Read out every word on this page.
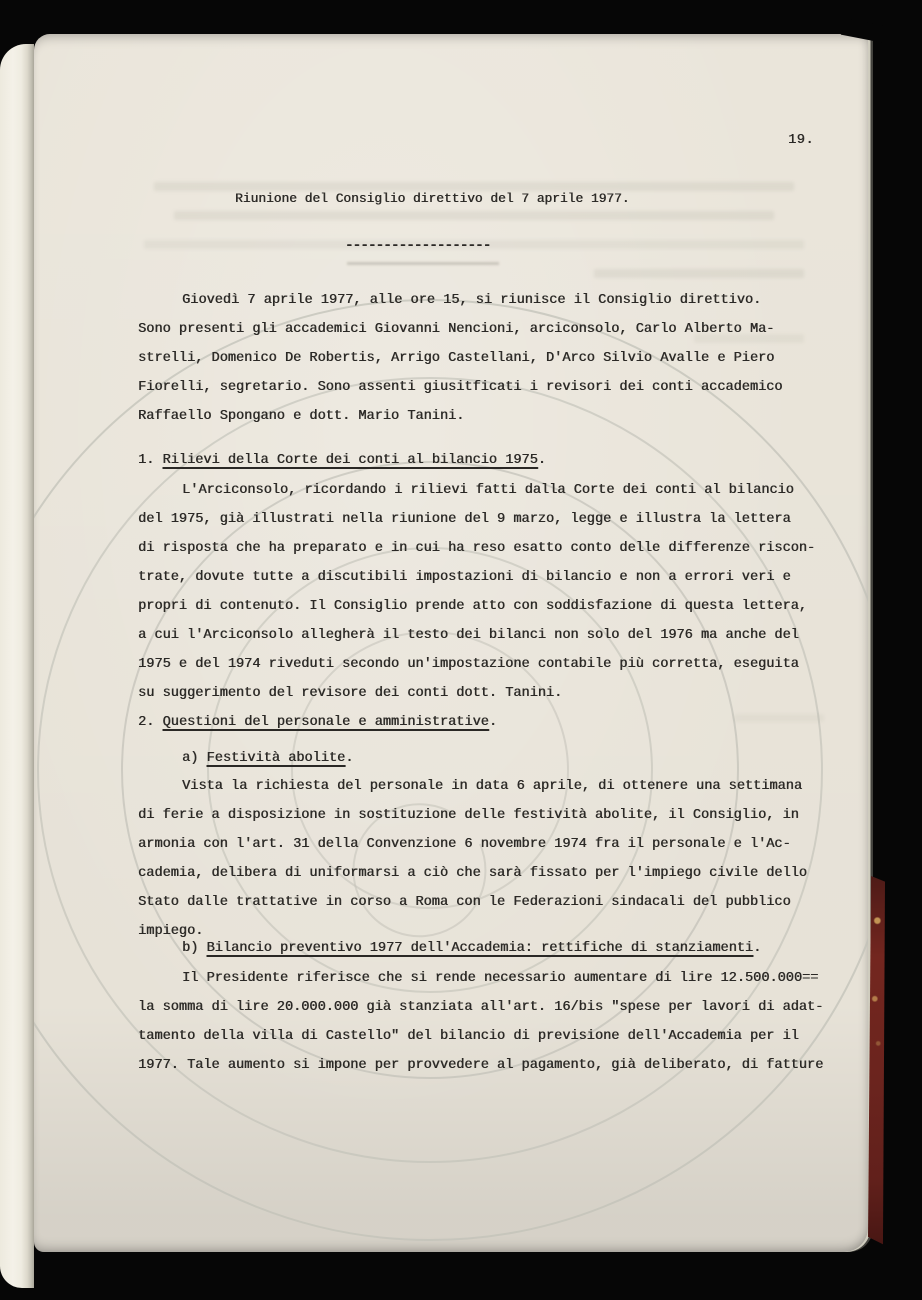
19.
Riunione del Consiglio direttivo del 7 aprile 1977.
-------------------
Giovedì 7 aprile 1977, alle ore 15, si riunisce il Consiglio direttivo.
Sono presenti gli accademici Giovanni Nencioni, arciconsolo, Carlo Alberto Ma-
strelli, Domenico De Robertis, Arrigo Castellani, D'Arco Silvio Avalle e Piero
Fiorelli, segretario. Sono assenti giusitficati i revisori dei conti accademico
Raffaello Spongano e dott. Mario Tanini.
1. Rilievi della Corte dei conti al bilancio 1975.
L'Arciconsolo, ricordando i rilievi fatti dalla Corte dei conti al bilancio
del 1975, già illustrati nella riunione del 9 marzo, legge e illustra la lettera
di risposta che ha preparato e in cui ha reso esatto conto delle differenze riscon-
trate, dovute tutte a discutibili impostazioni di bilancio e non a errori veri e
propri di contenuto. Il Consiglio prende atto con soddisfazione di questa lettera,
a cui l'Arciconsolo allegherà il testo dei bilanci non solo del 1976 ma anche del
1975 e del 1974 riveduti secondo un'impostazione contabile più corretta, eseguita
su suggerimento del revisore dei conti dott. Tanini.
2. Questioni del personale e amministrative.
a) Festività abolite.
Vista la richiesta del personale in data 6 aprile, di ottenere una settimana
di ferie a disposizione in sostituzione delle festività abolite, il Consiglio, in
armonia con l'art. 31 della Convenzione 6 novembre 1974 fra il personale e l'Ac-
cademia, delibera di uniformarsi a ciò che sarà fissato per l'impiego civile dello
Stato dalle trattative in corso a Roma con le Federazioni sindacali del pubblico
impiego.
b) Bilancio preventivo 1977 dell'Accademia: rettifiche di stanziamenti.
Il Presidente riferisce che si rende necessario aumentare di lire 12.500.000==
la somma di lire 20.000.000 già stanziata all'art. 16/bis "spese per lavori di adat-
tamento della villa di Castello" del bilancio di previsione dell'Accademia per il
1977. Tale aumento si impone per provvedere al pagamento, già deliberato, di fatture
